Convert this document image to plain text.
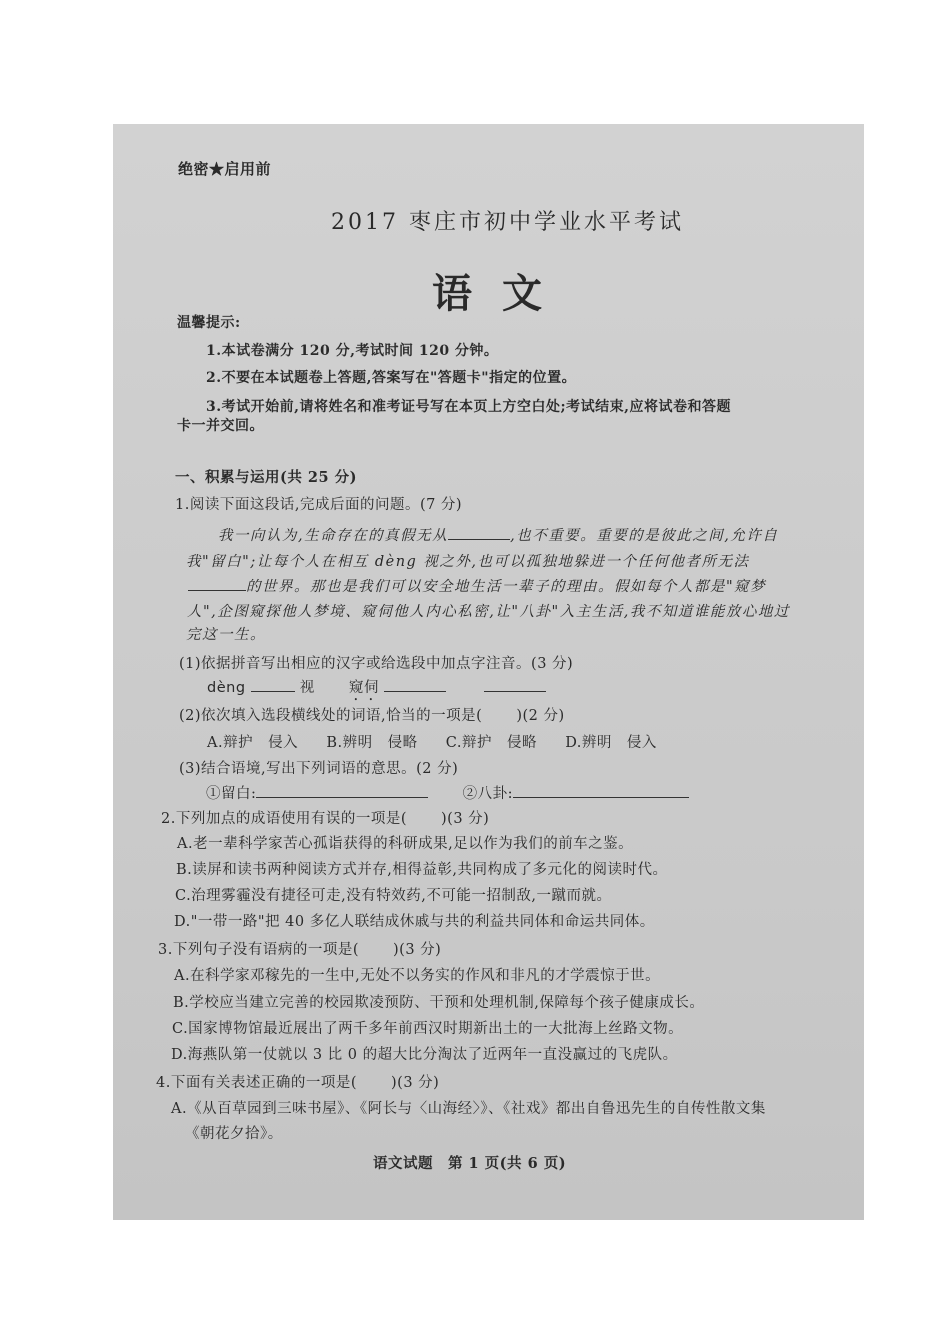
绝密★启用前
2017 枣庄市初中学业水平考试
语文
温馨提示:
1.本试卷满分 120 分,考试时间 120 分钟。
2.不要在本试题卷上答题,答案写在"答题卡"指定的位置。
3.考试开始前,请将姓名和准考证号写在本页上方空白处;考试结束,应将试卷和答题
卡一并交回。
一、积累与运用(共 25 分)
1.阅读下面这段话,完成后面的问题。(7 分)
我一向认为,生命存在的真假无从	,也不重要。重要的是彼此之间,允许自
我"留白";让每个人在相互 dèng 视之外,也可以孤独地躲进一个任何他者所无法
的世界。那也是我们可以安全地生活一辈子的理由。假如每个人都是"窥梦
人",企图窥探他人梦境、窥伺他人内心私密,让"八卦"入主生活,我不知道谁能放心地过
完这一生。
(1)依据拼音写出相应的汉字或给选段中加点字注音。(3 分)
dèng	视 窥伺
(2)依次填入选段横线处的词语,恰当的一项是( )(2 分)
A.辩护　侵入 B.辨明　侵略 C.辩护　侵略 D.辨明　侵入
(3)结合语境,写出下列词语的意思。(2 分)
①留白:	②八卦:
2.下列加点的成语使用有误的一项是( )(3 分)
A.老一辈科学家苦心孤诣获得的科研成果,足以作为我们的前车之鉴。
B.读屏和读书两种阅读方式并存,相得益彰,共同构成了多元化的阅读时代。
C.治理雾霾没有捷径可走,没有特效药,不可能一招制敌,一蹴而就。
D."一带一路"把 40 多亿人联结成休戚与共的利益共同体和命运共同体。
3.下列句子没有语病的一项是( )(3 分)
A.在科学家邓稼先的一生中,无处不以务实的作风和非凡的才学震惊于世。
B.学校应当建立完善的校园欺凌预防、干预和处理机制,保障每个孩子健康成长。
C.国家博物馆最近展出了两千多年前西汉时期新出土的一大批海上丝路文物。
D.海燕队第一仗就以 3 比 0 的超大比分淘汰了近两年一直没赢过的飞虎队。
4.下面有关表述正确的一项是( )(3 分)
A.《从百草园到三味书屋》、《阿长与〈山海经〉》、《社戏》都出自鲁迅先生的自传性散文集
《朝花夕拾》。
语文试题　第 1 页(共 6 页)
